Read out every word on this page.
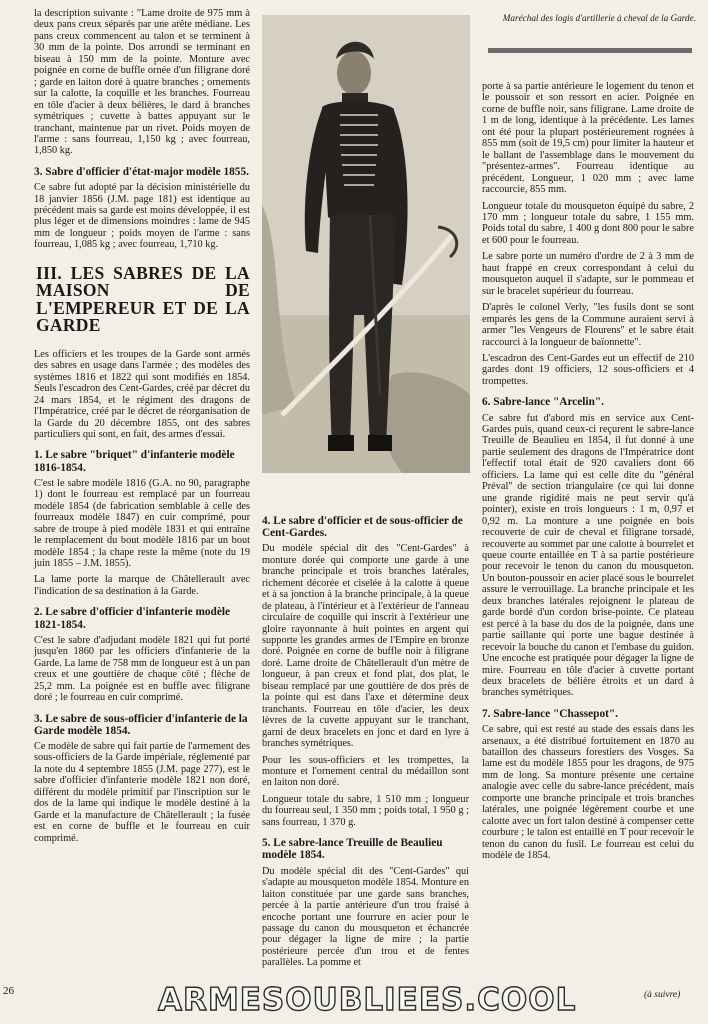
la description suivante : "Lame droite de 975 mm à deux pans creux séparés par une arête médiane. Les pans creux commencent au talon et se terminent à 30 mm de la pointe. Dos arrondi se terminant en biseau à 150 mm de la pointe. Monture avec poignée en corne de buffle ornée d'un filigrane doré ; garde en laiton doré à quatre branches ; ornements sur la calotte, la coquille et les branches. Fourreau en tôle d'acier à deux bélières, le dard à branches symétriques ; cuvette à battes appuyant sur le tranchant, maintenue par un rivet. Poids moyen de l'arme : sans fourreau, 1,150 kg ; avec fourreau, 1,850 kg.

3. Sabre d'officier d'état-major modèle 1855.

Ce sabre fut adopté par la décision ministérielle du 18 janvier 1856 (J.M. page 181) est identique au précédent mais sa garde est moins développée, il est plus léger et de dimensions moindres : lame de 945 mm de longueur ; poids moyen de l'arme : sans fourreau, 1,085 kg ; avec fourreau, 1,710 kg.

III. LES SABRES DE LA MAISON DE L'EMPEREUR ET DE LA GARDE

Les officiers et les troupes de la Garde sont armés des sabres en usage dans l'armée ; des modèles des systèmes 1816 et 1822 qui sont modifiés en 1854. Seuls l'escadron des Cent-Gardes, créé par décret du 24 mars 1854, et le régiment des dragons de l'Impératrice, créé par le décret de réorganisation de la Garde du 20 décembre 1855, ont des sabres particuliers qui sont, en fait, des armes d'essai.

1. Le sabre "briquet" d'infanterie modèle 1816-1854.

C'est le sabre modèle 1816 (G.A. no 90, paragraphe 1) dont le fourreau est remplacé par un fourreau modèle 1854 (de fabrication semblable à celle des fourreaux modèle 1847) en cuir comprimé, pour sabre de troupe à pied modèle 1831 et qui entraîne le remplacement du bout modèle 1816 par un bout modèle 1854 ; la chape reste la même (note du 19 juin 1855 – J.M. 1855).

La lame porte la marque de Châtellerault avec l'indication de sa destination à la Garde.

2. Le sabre d'officier d'infanterie modèle 1821-1854.

C'est le sabre d'adjudant modèle 1821 qui fut porté jusqu'en 1860 par les officiers d'infanterie de la Garde. La lame de 758 mm de longueur est à un pan creux et une gouttière de chaque côté ; flèche de 25,2 mm. La poignée est en buffle avec filigrane doré ; le fourreau en cuir comprimé.

3. Le sabre de sous-officier d'infanterie de la Garde modèle 1854.

Ce modèle de sabre qui fait partie de l'armement des sous-officiers de la Garde impériale, réglementé par la note du 4 septembre 1855 (J.M. page 277), est le sabre d'officier d'infanterie modèle 1821 non doré, différent du modèle primitif par l'inscription sur le dos de la lame qui indique le modèle destiné à la Garde et la manufacture de Châtellerault ; la fusée est en corne de buffle et le fourreau en cuir comprimé.

Maréchal des logis d'artillerie à cheval de la Garde.
4. Le sabre d'officier et de sous-officier de Cent-Gardes.

Du modèle spécial dit des "Cent-Gardes" à monture dorée qui comporte une garde à une branche principale et trois branches latérales, richement décorée et ciselée à la calotte à queue et à sa jonction à la branche principale, à la queue de plateau, à l'intérieur et à l'extérieur de l'anneau circulaire de coquille qui inscrit à l'extérieur une gloire rayonnante à huit pointes en argent qui supporte les grandes armes de l'Empire en bronze doré. Poignée en corne de buffle noir à filigrane doré. Lame droite de Châtellerault d'un mètre de longueur, à pan creux et fond plat, dos plat, le biseau remplacé par une gouttière de dos près de la pointe qui est dans l'axe et détermine deux tranchants. Fourreau en tôle d'acier, les deux lèvres de la cuvette appuyant sur le tranchant, garni de deux bracelets en jonc et dard en lyre à branches symétriques.

Pour les sous-officiers et les trompettes, la monture et l'ornement central du médaillon sont en laiton non doré.

Longueur totale du sabre, 1 510 mm ; longueur du fourreau seul, 1 350 mm ; poids total, 1 950 g ; sans fourreau, 1 370 g.

5. Le sabre-lance Treuille de Beaulieu modèle 1854.

Du modèle spécial dit des "Cent-Gardes" qui s'adapte au mousqueton modèle 1854. Monture en laiton constituée par une garde sans branches, percée à la partie antérieure d'un trou fraisé à encoche portant une fourrure en acier pour le passage du canon du mousqueton et échancrée pour dégager la ligne de mire ; la partie postérieure percée d'un trou et de fentes parallèles. La pomme et

porte à sa partie antérieure le logement du tenon et le poussoir et son ressort en acier. Poignée en corne de buffle noir, sans filigrane. Lame droite de 1 m de long, identique à la précédente. Les lames ont été pour la plupart postérieurement rognées à 855 mm (soit de 19,5 cm) pour limiter la hauteur et le ballant de l'assemblage dans le mouvement du "présentez-armes". Fourreau identique au précédent. Longueur, 1 020 mm ; avec lame raccourcie, 855 mm.

Longueur totale du mousqueton équipé du sabre, 2 170 mm ; longueur totale du sabre, 1 155 mm. Poids total du sabre, 1 400 g dont 800 pour le sabre et 600 pour le fourreau.

Le sabre porte un numéro d'ordre de 2 à 3 mm de haut frappé en creux correspondant à celui du mousqueton auquel il s'adapte, sur le pommeau et sur le bracelet supérieur du fourreau.

D'après le colonel Verly, "les fusils dont se sont emparés les gens de la Commune auraient servi à armer "les Vengeurs de Flourens" et le sabre était raccourci à la longueur de baïonnette".

L'escadron des Cent-Gardes eut un effectif de 210 gardes dont 19 officiers, 12 sous-officiers et 4 trompettes.

6. Sabre-lance "Arcelin".

Ce sabre fut d'abord mis en service aux Cent-Gardes puis, quand ceux-ci reçurent le sabre-lance Treuille de Beaulieu en 1854, il fut donné à une partie seulement des dragons de l'Impératrice dont l'effectif total était de 920 cavaliers dont 66 officiers. La lame qui est celle dite du "général Préval" de section triangulaire (ce qui lui donne une grande rigidité mais ne peut servir qu'à pointer), existe en trois longueurs : 1 m, 0,97 et 0,92 m. La monture a une poignée en bois recouverte de cuir de cheval et filigrane torsadé, recouverte au sommet par une calotte à bourrelet et queue courte entaillée en T à sa partie postérieure pour recevoir le tenon du canon du mousqueton. Un bouton-poussoir en acier placé sous le bourrelet assure le verrouillage. La branche principale et les deux branches latérales rejoignent le plateau de garde bordé d'un cordon brise-pointe. Ce plateau est percé à la base du dos de la poignée, dans une partie saillante qui porte une bague destinée à recevoir la bouche du canon et l'embase du guidon. Une encoche est pratiquée pour dégager la ligne de mire. Fourreau en tôle d'acier à cuvette portant deux bracelets de bélière étroits et un dard à branches symétriques.

7. Sabre-lance "Chassepot".

Ce sabre, qui est resté au stade des essais dans les arsenaux, a été distribué fortuitement en 1870 au bataillon des chasseurs forestiers des Vosges. Sa lame est du modèle 1855 pour les dragons, de 975 mm de long. Sa monture présente une certaine analogie avec celle du sabre-lance précédent, mais comporte une branche principale et trois branches latérales, une poignée légèrement courbe et une calotte avec un fort talon destiné à compenser cette courbure ; le talon est entaillé en T pour recevoir le tenon du canon du fusil. Le fourreau est celui du modèle de 1854.

26	(à suivre)
ARMESOUBLIEES.COOL
